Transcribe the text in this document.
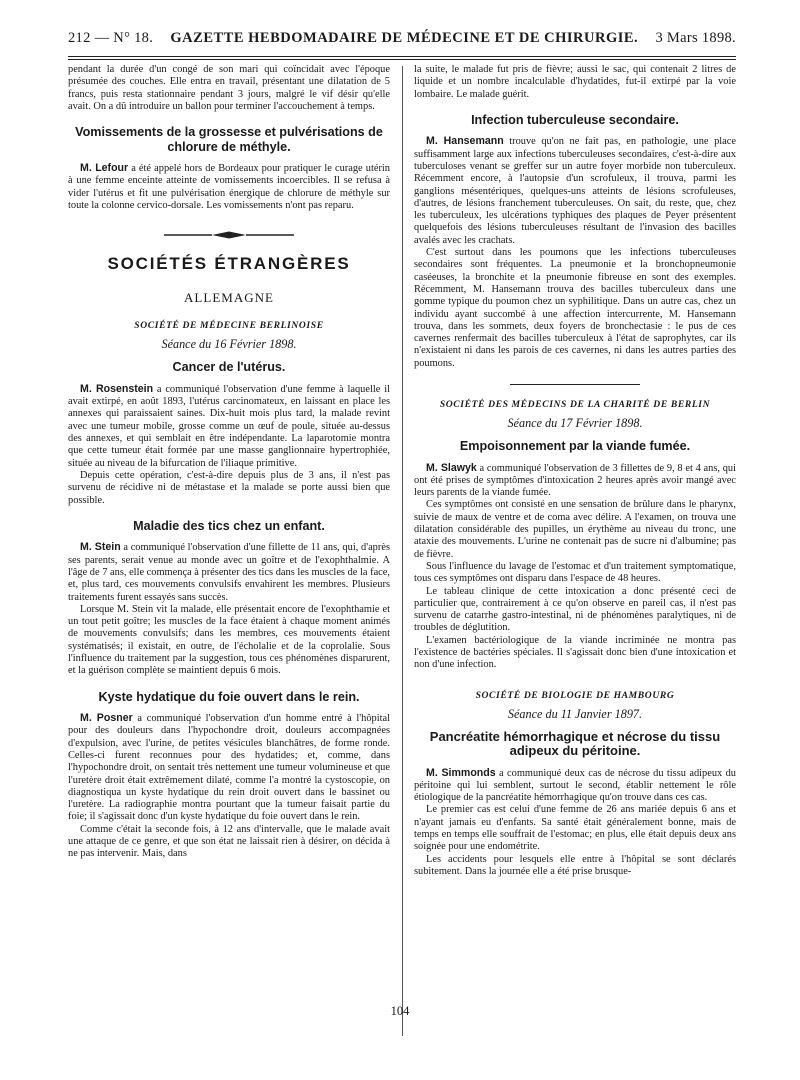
212 — N° 18. GAZETTE HEBDOMADAIRE DE MÉDECINE ET DE CHIRURGIE. 3 Mars 1898.

pendant la durée d'un congé de son mari qui coïncidait avec l'époque présumée des couches. Elle entra en travail, présentant une dilatation de 5 francs, puis resta stationnaire pendant 3 jours, malgré le vif désir qu'elle avait. On a dû introduire un ballon pour terminer l'accouchement à temps.

Vomissements de la grossesse et pulvérisations de chlorure de méthyle.

M. Lefour a été appelé hors de Bordeaux pour pratiquer le curage utérin à une femme enceinte atteinte de vomissements incoercibles. Il se refusa à vider l'utérus et fit une pulvérisation énergique de chlorure de méthyle sur toute la colonne cervico-dorsale. Les vomissements n'ont pas reparu.

SOCIÉTÉS ÉTRANGÈRES
ALLEMAGNE
SOCIÉTÉ DE MÉDECINE BERLINOISE
Séance du 16 Février 1898.
Cancer de l'utérus.

M. Rosenstein a communiqué l'observation d'une femme à laquelle il avait extirpé, en août 1893, l'utérus carcinomateux, en laissant en place les annexes qui paraissaient saines. Dix-huit mois plus tard, la malade revint avec une tumeur mobile, grosse comme un œuf de poule, située au-dessus des annexes, et qui semblait en être indépendante. La laparotomie montra que cette tumeur était formée par une masse ganglionnaire hypertrophiée, située au niveau de la bifurcation de l'iliaque primitive.

Depuis cette opération, c'est-à-dire depuis plus de 3 ans, il n'est pas survenu de récidive ni de métastase et la malade se porte aussi bien que possible.

Maladie des tics chez un enfant.

M. Stein a communiqué l'observation d'une fillette de 11 ans, qui, d'après ses parents, serait venue au monde avec un goître et de l'exophthalmie. A l'âge de 7 ans, elle commença à présenter des tics dans les muscles de la face, et, plus tard, ces mouvements convulsifs envahirent les membres. Plusieurs traitements furent essayés sans succès.

Lorsque M. Stein vit la malade, elle présentait encore de l'exophthamie et un tout petit goître; les muscles de la face étaient à chaque moment animés de mouvements convulsifs; dans les membres, ces mouvements étaient systématisés; il existait, en outre, de l'écholalie et de la coprolalie. Sous l'influence du traitement par la suggestion, tous ces phénomènes disparurent, et la guérison complète se maintient depuis 6 mois.

Kyste hydatique du foie ouvert dans le rein.

M. Posner a communiqué l'observation d'un homme entré à l'hôpital pour des douleurs dans l'hypochondre droit, douleurs accompagnées d'expulsion, avec l'urine, de petites vésicules blanchâtres, de forme ronde. Celles-ci furent reconnues pour des hydatides; et, comme, dans l'hypochondre droit, on sentait très nettement une tumeur volumineuse et que l'uretère droit était extrêmement dilaté, comme l'a montré la cystoscopie, on diagnostiqua un kyste hydatique du rein droit ouvert dans le bassinet ou l'uretère. La radiographie montra pourtant que la tumeur faisait partie du foie; il s'agissait donc d'un kyste hydatique du foie ouvert dans le rein.

Comme c'était la seconde fois, à 12 ans d'intervalle, que le malade avait une attaque de ce genre, et que son état ne laissait rien à désirer, on décida à ne pas intervenir. Mais, dans

la suite, le malade fut pris de fièvre; aussi le sac, qui contenait 2 litres de liquide et un nombre incalculable d'hydatides, fut-il extirpé par la voie lombaire. Le malade guérit.

Infection tuberculeuse secondaire.

M. Hansemann trouve qu'on ne fait pas, en pathologie, une place suffisamment large aux infections tuberculeuses secondaires, c'est-à-dire aux tuberculoses venant se greffer sur un autre foyer morbide non tuberculeux. Récemment encore, à l'autopsie d'un scrofuleux, il trouva, parmi les ganglions mésentériques, quelques-uns atteints de lésions scrofuleuses, d'autres, de lésions franchement tuberculeuses. On sait, du reste, que, chez les tuberculeux, les ulcérations typhiques des plaques de Peyer présentent quelquefois des lésions tuberculeuses résultant de l'invasion des bacilles avalés avec les crachats.

C'est surtout dans les poumons que les infections tuberculeuses secondaires sont fréquentes. La pneumonie et la bronchopneumonie caséeuses, la bronchite et la pneumonie fibreuse en sont des exemples. Récemment, M. Hansemann trouva des bacilles tuberculeux dans une gomme typique du poumon chez un syphilitique. Dans un autre cas, chez un individu ayant succombé à une affection intercurrente, M. Hansemann trouva, dans les sommets, deux foyers de bronchectasie : le pus de ces cavernes renfermait des bacilles tuberculeux à l'état de saprophytes, car ils n'existaient ni dans les parois de ces cavernes, ni dans les autres parties des poumons.

SOCIÉTÉ DES MÉDECINS DE LA CHARITÉ DE BERLIN
Séance du 17 Février 1898.
Empoisonnement par la viande fumée.

M. Slawyk a communiqué l'observation de 3 fillettes de 9, 8 et 4 ans, qui ont été prises de symptômes d'intoxication 2 heures après avoir mangé avec leurs parents de la viande fumée.

Ces symptômes ont consisté en une sensation de brûlure dans le pharynx, suivie de maux de ventre et de coma avec délire. A l'examen, on trouva une dilatation considérable des pupilles, un érythème au niveau du tronc, une ataxie des mouvements. L'urine ne contenait pas de sucre ni d'albumine; pas de fièvre.

Sous l'influence du lavage de l'estomac et d'un traitement symptomatique, tous ces symptômes ont disparu dans l'espace de 48 heures.

Le tableau clinique de cette intoxication a donc présenté ceci de particulier que, contrairement à ce qu'on observe en pareil cas, il n'est pas survenu de catarrhe gastro-intestinal, ni de phénomènes paralytiques, ni de troubles de déglutition.

L'examen bactériologique de la viande incriminée ne montra pas l'existence de bactéries spéciales. Il s'agissait donc bien d'une intoxication et non d'une infection.

SOCIÉTÉ DE BIOLOGIE DE HAMBOURG
Séance du 11 Janvier 1897.
Pancréatite hémorrhagique et nécrose du tissu adipeux du péritoine.

M. Simmonds a communiqué deux cas de nécrose du tissu adipeux du péritoine qui lui semblent, surtout le second, établir nettement le rôle étiologique de la pancréatite hémorrhagique qu'on trouve dans ces cas.

Le premier cas est celui d'une femme de 26 ans mariée depuis 6 ans et n'ayant jamais eu d'enfants. Sa santé était généralement bonne, mais de temps en temps elle souffrait de l'estomac; en plus, elle était depuis deux ans soignée pour une endométrite.

Les accidents pour lesquels elle entre à l'hôpital se sont déclarés subitement. Dans la journée elle a été prise brusque-

104
